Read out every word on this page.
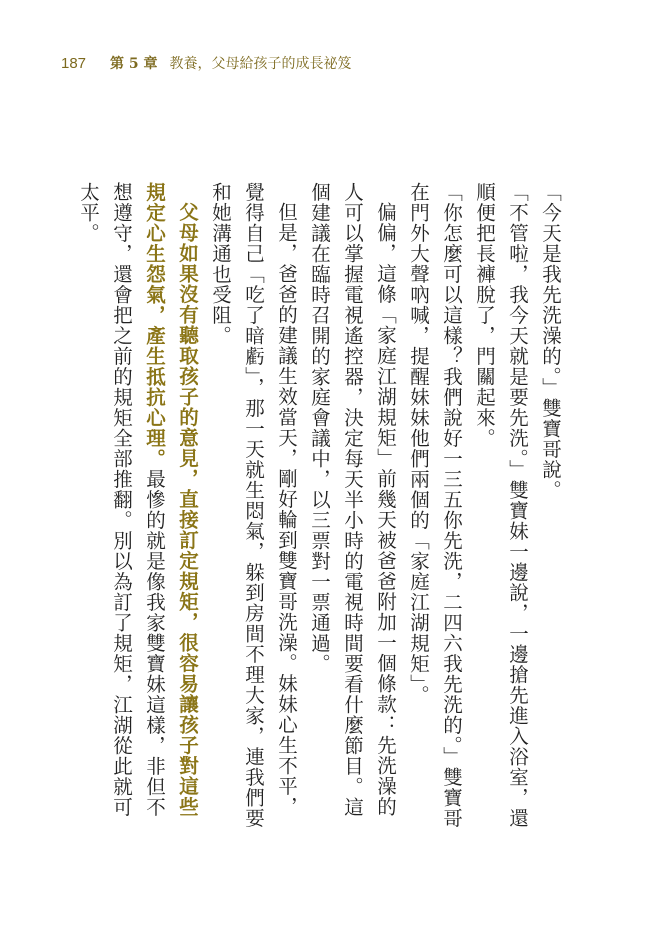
187 第 5 章 教養，父母給孩子的成長祕笈

「今天是我先洗澡的。」雙寶哥說。

「不管啦，我今天就是要先洗。」雙寶妹一邊說，一邊搶先進入浴室，還順便把長褲脫了，門關起來。

「你怎麼可以這樣？我們說好一三五你先洗，二四六我先洗的。」雙寶哥在門外大聲吶喊，提醒妹妹他們兩個的「家庭江湖規矩」。

偏偏，這條「家庭江湖規矩」前幾天被爸爸附加一個條款：先洗澡的人可以掌握電視遙控器，決定每天半小時的電視時間要看什麼節目。這個建議在臨時召開的家庭會議中，以三票對一票通過。

但是，爸爸的建議生效當天，剛好輪到雙寶哥洗澡。妹妹心生不平，覺得自己「吃了暗虧」，那一天就生悶氣，躲到房間不理大家，連我們要和她溝通也受阻。

父母如果沒有聽取孩子的意見，直接訂定規矩，很容易讓孩子對這些規定心生怨氣，產生抵抗心理。最慘的就是像我家雙寶妹這樣，非但不想遵守，還會把之前的規矩全部推翻。別以為訂了規矩，江湖從此就可太平。
